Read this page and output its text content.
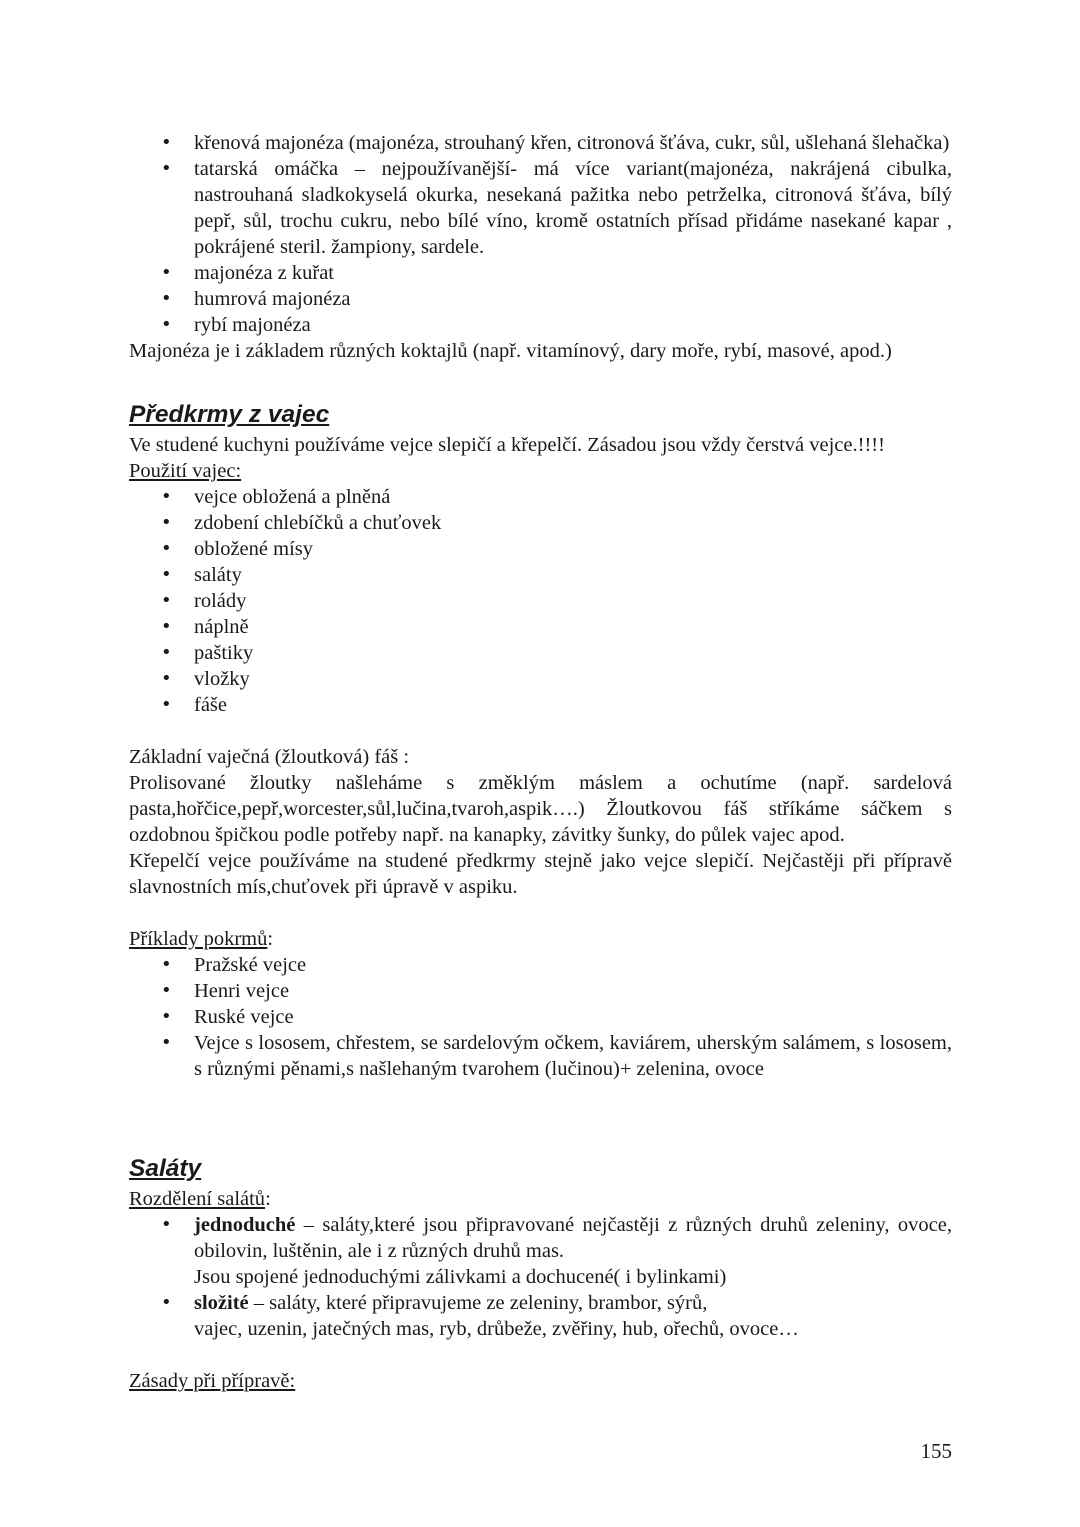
• křenová majonéza (majonéza, strouhaný křen, citronová šťáva, cukr, sůl, ušlehaná šlehačka)
• tatarská omáčka – nejpoužívanější- má více variant(majonéza, nakrájená cibulka, nastrouhaná sladkokyselá okurka, nesekaná pažitka nebo petrželka, citronová šťáva, bílý pepř, sůl, trochu cukru, nebo bílé víno, kromě ostatních přísad přidáme nasekané kapar , pokrájené steril. žampiony, sardele.
• majonéza z kuřat
• humrová majonéza
• rybí majonéza
Majonéza je i základem různých koktajlů (např. vitamínový, dary moře, rybí, masové, apod.)
Předkrmy z vajec
Ve studené kuchyni používáme vejce slepičí a křepelčí. Zásadou jsou vždy čerstvá vejce.!!!!
Použití vajec:
• vejce obložená a plněná
• zdobení chlebíčků a chuťovek
• obložené mísy
• saláty
• rolády
• náplně
• paštiky
• vložky
• fáše
Základní vaječná (žloutková) fáš :
Prolisované žloutky našleháme s změklým máslem a ochutíme (např. sardelová pasta,hořčice,pepř,worcester,sůl,lučina,tvaroh,aspik….) Žloutkovou fáš stříkáme sáčkem s ozdobnou špičkou podle potřeby např. na kanapky, závitky šunky, do půlek vajec apod.
Křepelčí vejce používáme na studené předkrmy stejně jako vejce slepičí. Nejčastěji při přípravě slavnostních mís,chuťovek při úpravě v aspiku.
Příklady pokrmů:
• Pražské vejce
• Henri vejce
• Ruské vejce
• Vejce s lososem, chřestem, se sardelovým očkem, kaviárem, uherským salámem, s lososem, s různými pěnami,s našlehaným tvarohem (lučinou)+ zelenina, ovoce
Saláty
Rozdělení salátů:
• jednoduché – saláty,které jsou připravované nejčastěji z různých druhů zeleniny, ovoce, obilovin, luštěnin, ale i z různých druhů mas.
Jsou spojené jednoduchými zálivkami a dochucené( i bylinkami)
• složité – saláty, které připravujeme ze zeleniny, brambor, sýrů,
vajec, uzenin, jatečných mas, ryb, drůbeže, zvěřiny, hub, ořechů, ovoce…
Zásady při přípravě:
155
